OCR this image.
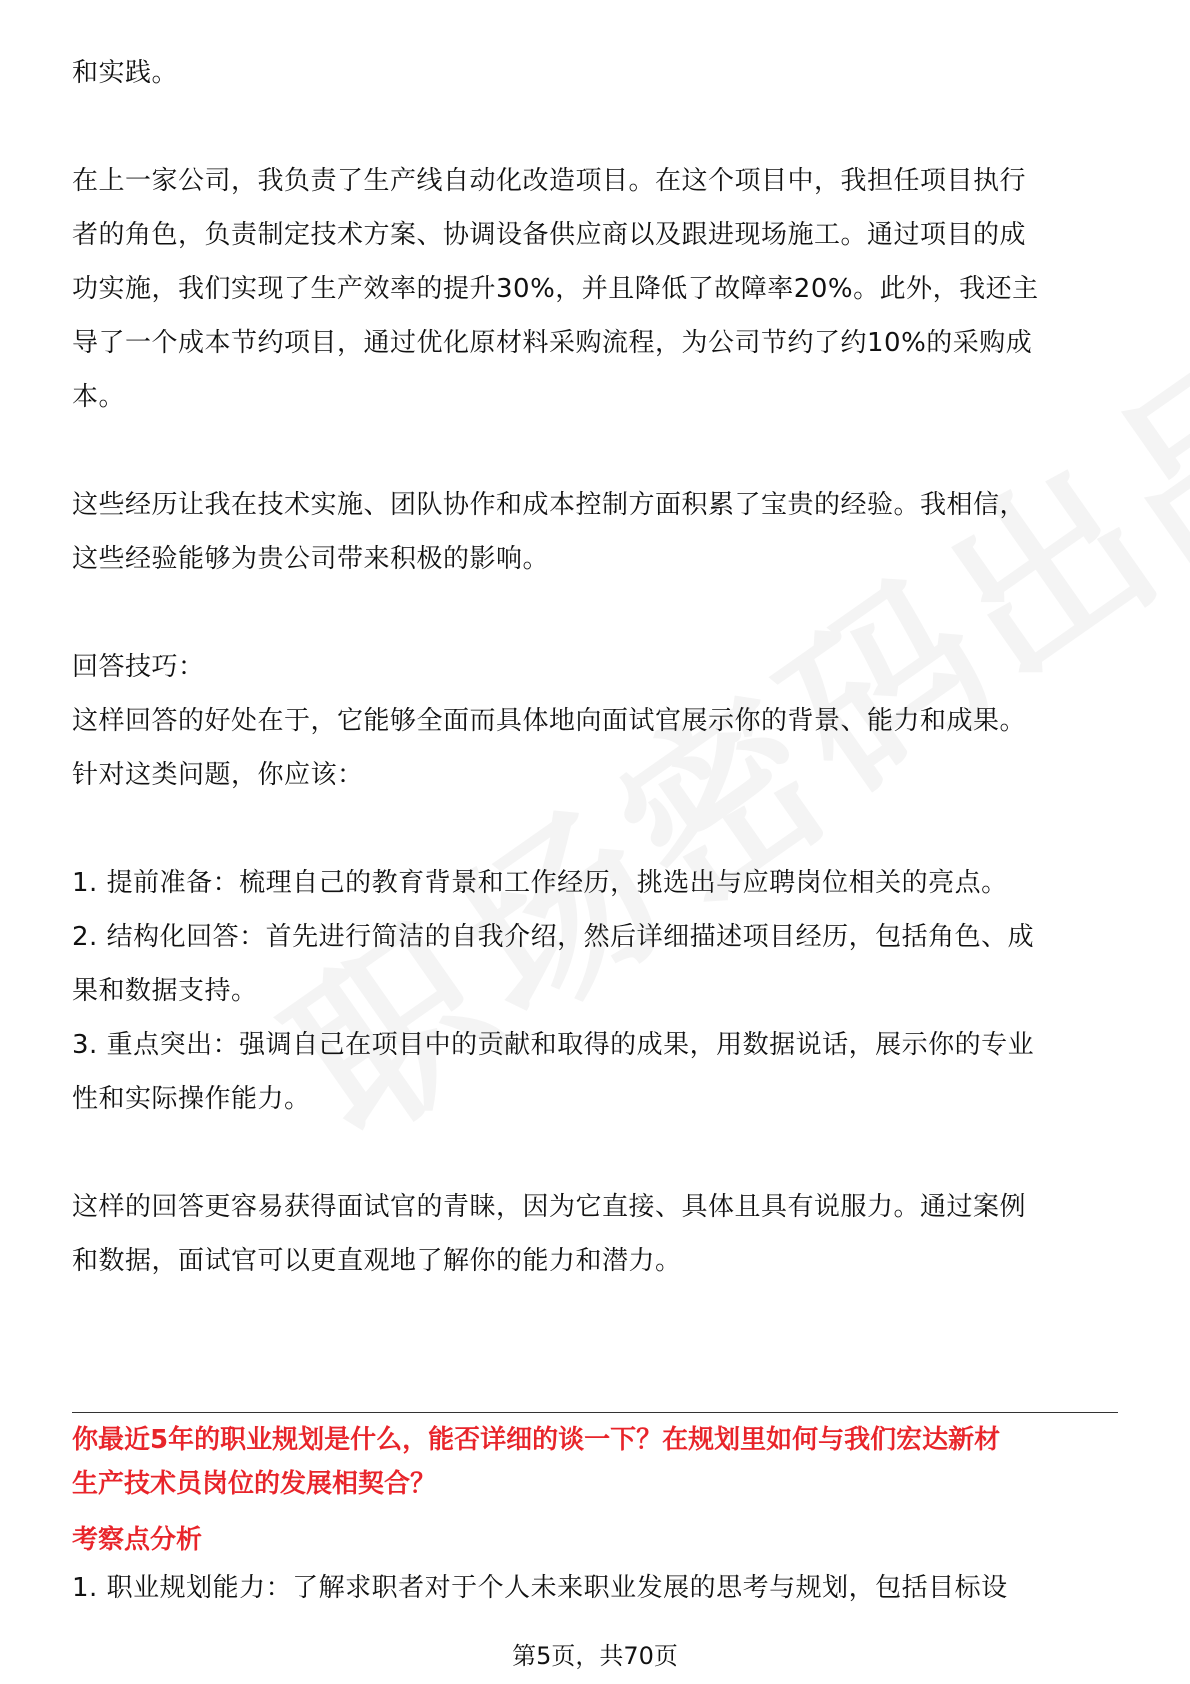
和实践。

在上一家公司，我负责了生产线自动化改造项目。在这个项目中，我担任项目执行

者的角色，负责制定技术方案、协调设备供应商以及跟进现场施工。通过项目的成

功实施，我们实现了生产效率的提升30%，并且降低了故障率20%。此外，我还主

导了一个成本节约项目，通过优化原材料采购流程，为公司节约了约10%的采购成

本。

这些经历让我在技术实施、团队协作和成本控制方面积累了宝贵的经验。我相信，

这些经验能够为贵公司带来积极的影响。

回答技巧：

这样回答的好处在于，它能够全面而具体地向面试官展示你的背景、能力和成果。

针对这类问题，你应该：

1. 提前准备：梳理自己的教育背景和工作经历，挑选出与应聘岗位相关的亮点。

2. 结构化回答：首先进行简洁的自我介绍，然后详细描述项目经历，包括角色、成

果和数据支持。

3. 重点突出：强调自己在项目中的贡献和取得的成果，用数据说话，展示你的专业

性和实际操作能力。

这样的回答更容易获得面试官的青睐，因为它直接、具体且具有说服力。通过案例

和数据，面试官可以更直观地了解你的能力和潜力。

你最近5年的职业规划是什么，能否详细的谈一下？在规划里如何与我们宏达新材
生产技术员岗位的发展相契合？

考察点分析

1. 职业规划能力：了解求职者对于个人未来职业发展的思考与规划，包括目标设

第5页，共70页
